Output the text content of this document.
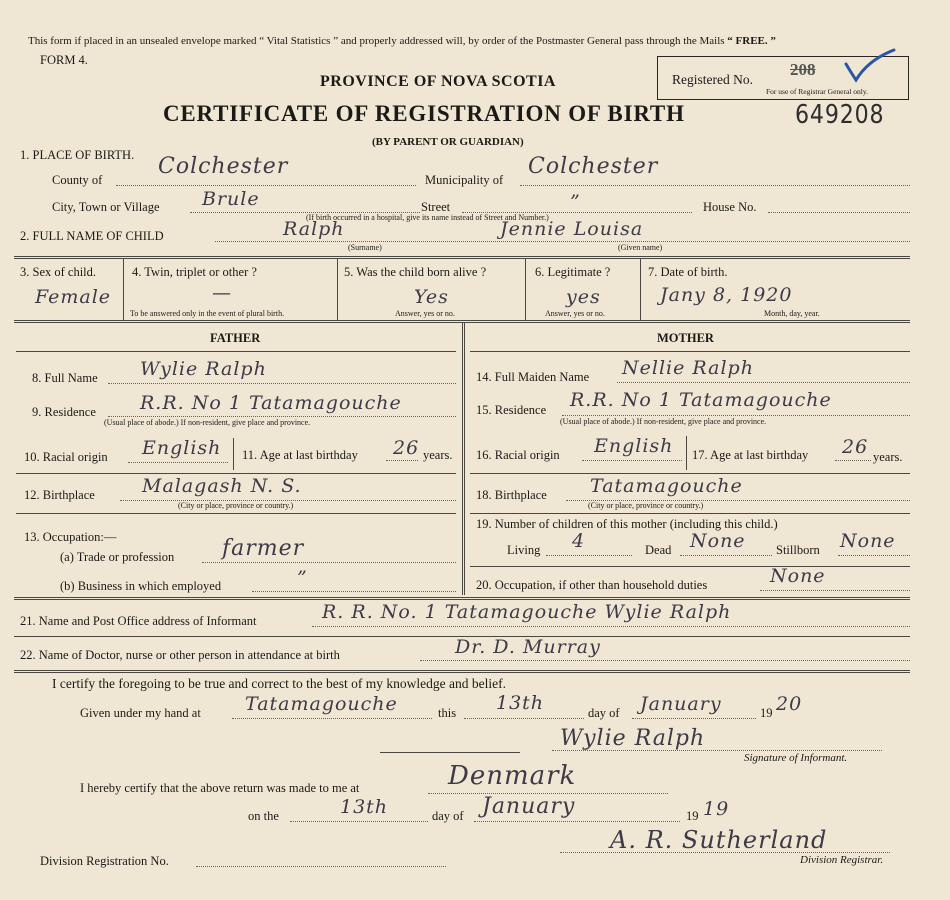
This form if placed in an unsealed envelope marked “ Vital Statistics ” and properly addressed will, by order of the Postmaster General pass through the Mails “ FREE. ”
FORM 4.
PROVINCE OF NOVA SCOTIA
CERTIFICATE OF REGISTRATION OF BIRTH
(BY PARENT OR GUARDIAN)
Registered No.
208
For use of Registrar General only.
649208
1. PLACE OF BIRTH.
County of
Colchester
Municipality of
Colchester
City, Town or Village Brule	Street	”	House No.
(If birth occurred in a hospital, give its name instead of Street and Number.)
2. FULL NAME OF CHILD	Ralph	Jennie Louisa
(Surname)	(Given name)
3. Sex of child.
Female
4. Twin, triplet or other ?
—
To be answered only in the event of plural birth.
5. Was the child born alive ?
Yes
Answer, yes or no.
6. Legitimate ?
yes
Answer, yes or no.
7. Date of birth.
Jany 8, 1920
Month, day, year.
FATHER	MOTHER
8. Full Name Wylie Ralph
9. Residence R.R. No 1 Tatamagouche
(Usual place of abode.) If non-resident, give place and province.
10. Racial origin English 11. Age at last birthday 26 years.
12. Birthplace Malagash N. S.
(City or place, province or country.)
13. Occupation:—
(a) Trade or profession farmer
(b) Business in which employed	”
14. Full Maiden Name Nellie Ralph
15. Residence R.R. No 1 Tatamagouche
(Usual place of abode.) If non-resident, give place and province.
16. Racial origin English 17. Age at last birthday 26 years.
18. Birthplace Tatamagouche
(City or place, province or country.)
19. Number of children of this mother (including this child.)
Living 4	Dead None Stillborn None
20. Occupation, if other than household duties	None
21. Name and Post Office address of Informant	R. R. No. 1 Tatamagouche Wylie Ralph
22. Name of Doctor, nurse or other person in attendance at birth	Dr. D. Murray
I certify the foregoing to be true and correct to the best of my knowledge and belief.
Given under my hand at Tatamagouche	this 13th	day of January	19 20
Wylie Ralph
Signature of Informant.
I hereby certify that the above return was made to me at	Denmark
on the	13th	day of January	19 19
Division Registration No.
A. R. Sutherland
Division Registrar.
